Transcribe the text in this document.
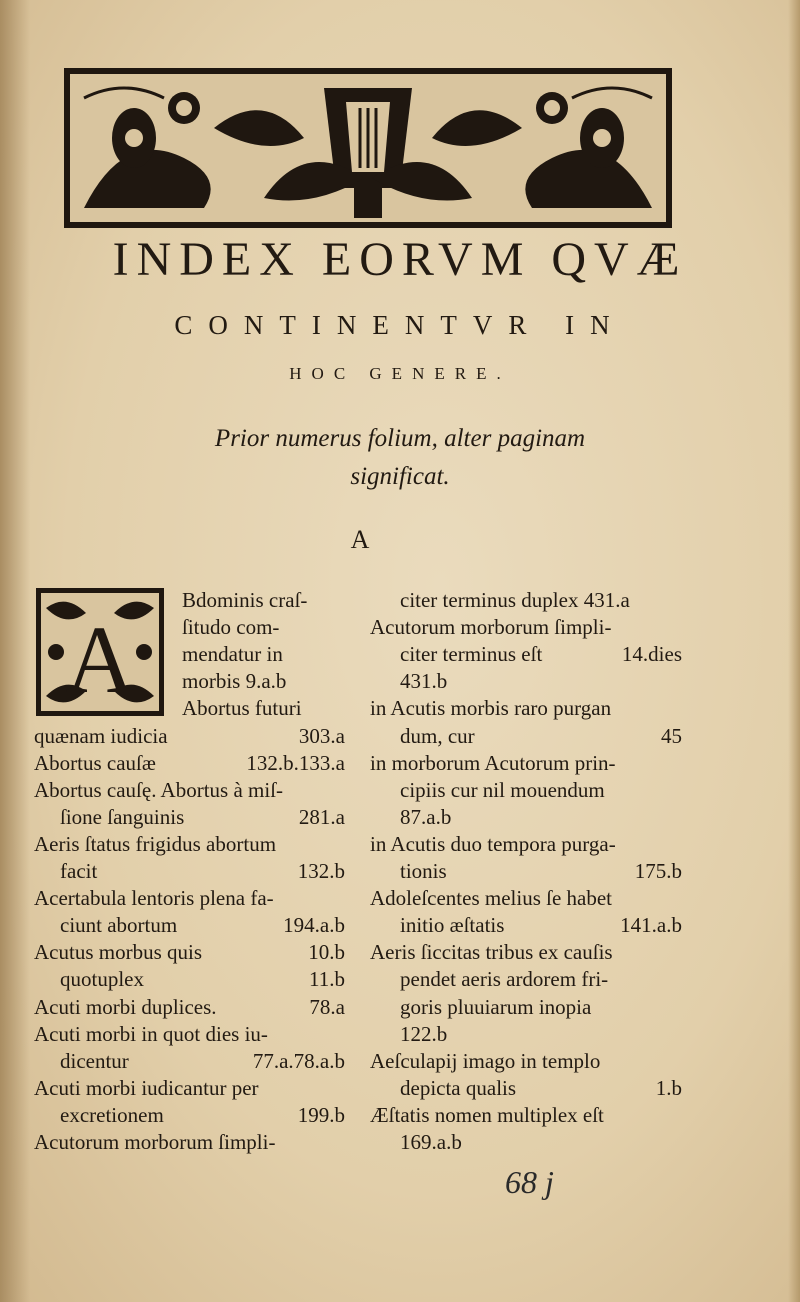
INDEX EORVM QVÆ
CONTINENTVR IN
HOC GENERE.
Prior numerus folium, alter paginam
significat.
A
A
Bdominis craſ-
ſitudo com-
mendatur in
morbis 9.a.b
Abortus futuri
quænam iudicia	303.a
Abortus cauſæ	132.b.133.a
Abortus cauſę. Abortus à miſ-
ſione ſanguinis	281.a
Aeris ſtatus frigidus abortum
facit	132.b
Acertabula lentoris plena fa-
ciunt abortum	194.a.b
Acutus morbus quis	10.b
quotuplex	11.b
Acuti morbi duplices.	78.a
Acuti morbi in quot dies iu-
dicentur	77.a.78.a.b
Acuti morbi iudicantur per
excretionem	199.b
Acutorum morborum ſimpli-
citer terminus duplex 431.a
Acutorum morborum ſimpli-
citer terminus eſt	14.dies
431.b
in Acutis morbis raro purgan
dum, cur	45
in morborum Acutorum prin-
cipiis cur nil mouendum
87.a.b
in Acutis duo tempora purga-
tionis	175.b
Adoleſcentes melius ſe habet
initio æſtatis	141.a.b
Aeris ſiccitas tribus ex cauſis
pendet aeris ardorem fri-
goris pluuiarum inopia
122.b
Aeſculapij imago in templo
depicta qualis	1.b
Æſtatis nomen multiplex eſt
169.a.b
68 j
